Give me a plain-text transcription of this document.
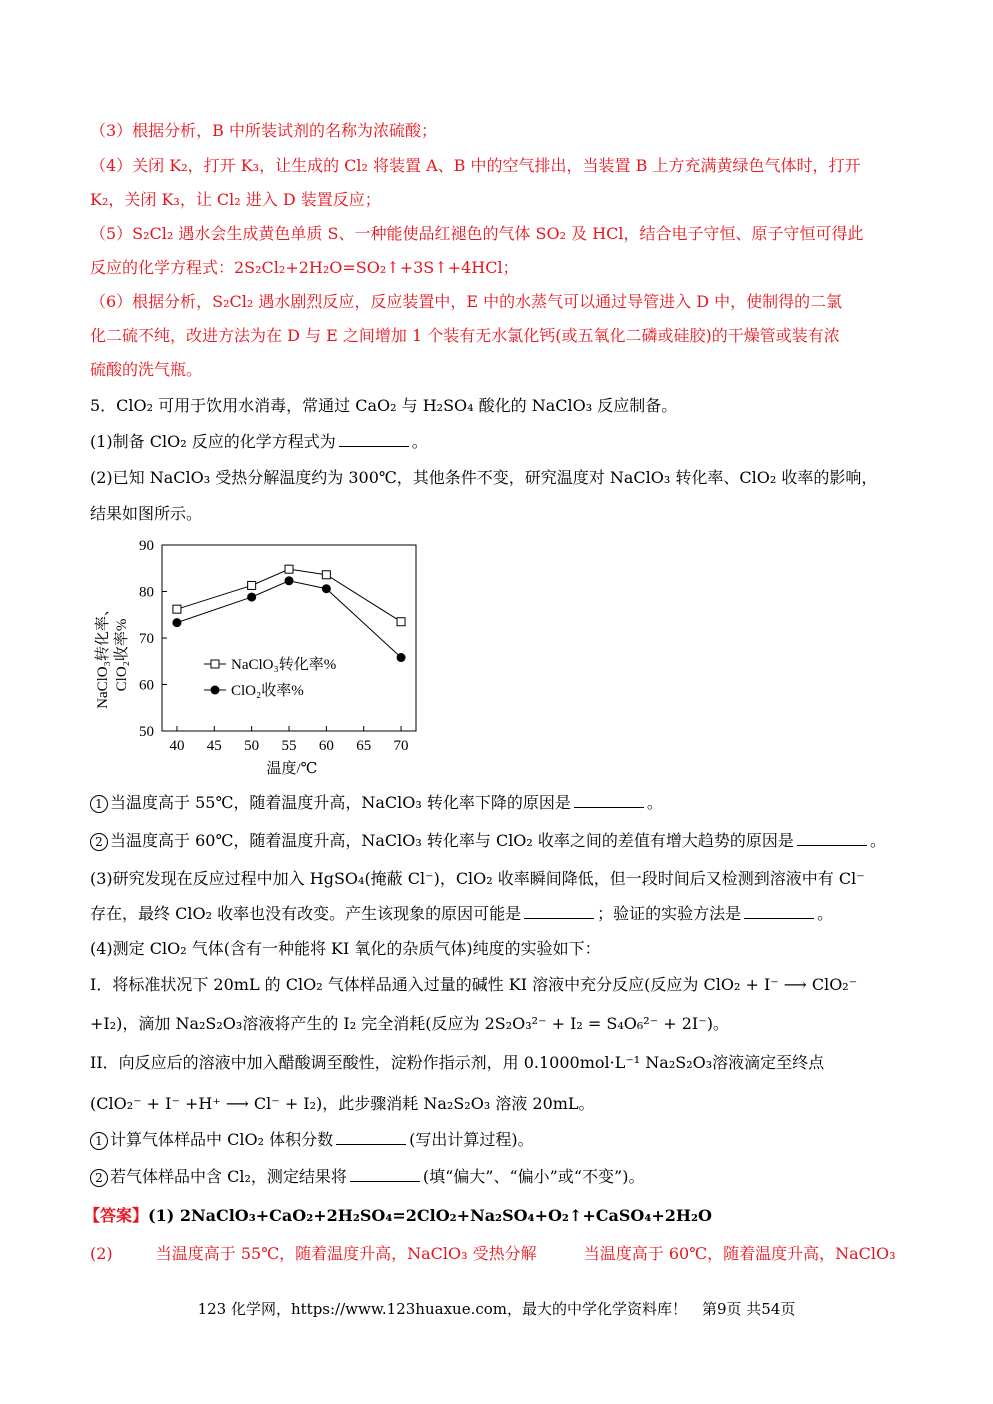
（3）根据分析，B 中所装试剂的名称为浓硫酸；
（4）关闭 K₂，打开 K₃，让生成的 Cl₂ 将装置 A、B 中的空气排出，当装置 B 上方充满黄绿色气体时，打开
K₂，关闭 K₃，让 Cl₂ 进入 D 装置反应；
（5）S₂Cl₂ 遇水会生成黄色单质 S、一种能使品红褪色的气体 SO₂ 及 HCl，结合电子守恒、原子守恒可得此
反应的化学方程式：2S₂Cl₂+2H₂O=SO₂↑+3S↑+4HCl；
（6）根据分析，S₂Cl₂ 遇水剧烈反应，反应装置中，E 中的水蒸气可以通过导管进入 D 中，使制得的二氯
化二硫不纯，改进方法为在 D 与 E 之间增加 1 个装有无水氯化钙(或五氧化二磷或硅胶)的干燥管或装有浓
硫酸的洗气瓶。
5．ClO₂ 可用于饮用水消毒，常通过 CaO₂ 与 H₂SO₄ 酸化的 NaClO₃ 反应制备。
(1)制备 ClO₂ 反应的化学方程式为	。
(2)已知 NaClO₃ 受热分解温度约为 300℃，其他条件不变，研究温度对 NaClO₃ 转化率、ClO₂ 收率的影响，
结果如图所示。
50
60
70
80
90
40 45 50 55 60 65 70
NaClO₃转化率、 ClO₂收率%
温度/℃
NaClO₃转化率%
ClO₂收率%
1 当温度高于 55℃，随着温度升高，NaClO₃ 转化率下降的原因是	。
2 当温度高于 60℃，随着温度升高，NaClO₃ 转化率与 ClO₂ 收率之间的差值有增大趋势的原因是	。
(3)研究发现在反应过程中加入 HgSO₄(掩蔽 Cl⁻)，ClO₂ 收率瞬间降低，但一段时间后又检测到溶液中有 Cl⁻
存在，最终 ClO₂ 收率也没有改变。产生该现象的原因可能是	；验证的实验方法是	。
(4)测定 ClO₂ 气体(含有一种能将 KI 氧化的杂质气体)纯度的实验如下：
I．将标准状况下 20mL 的 ClO₂ 气体样品通入过量的碱性 KI 溶液中充分反应(反应为 ClO₂ + I⁻ ⟶ ClO₂⁻
+I₂)，滴加 Na₂S₂O₃溶液将产生的 I₂ 完全消耗(反应为 2S₂O₃²⁻ + I₂ = S₄O₆²⁻ + 2I⁻)。
II．向反应后的溶液中加入醋酸调至酸性，淀粉作指示剂，用 0.1000mol·L⁻¹ Na₂S₂O₃溶液滴定至终点
(ClO₂⁻ + I⁻ +H⁺ ⟶ Cl⁻ + I₂)，此步骤消耗 Na₂S₂O₃ 溶液 20mL。
1 计算气体样品中 ClO₂ 体积分数	(写出计算过程)。
2 若气体样品中含 Cl₂，测定结果将	(填“偏大”、“偏小”或“不变”)。
【答案】(1) 2NaClO₃+CaO₂+2H₂SO₄=2ClO₂+Na₂SO₄+O₂↑+CaSO₄+2H₂O
(2)	当温度高于 55℃，随着温度升高，NaClO₃ 受热分解	当温度高于 60℃，随着温度升高，NaClO₃
123 化学网，https://www.123huaxue.com，最大的中学化学资料库！　第9页 共54页
